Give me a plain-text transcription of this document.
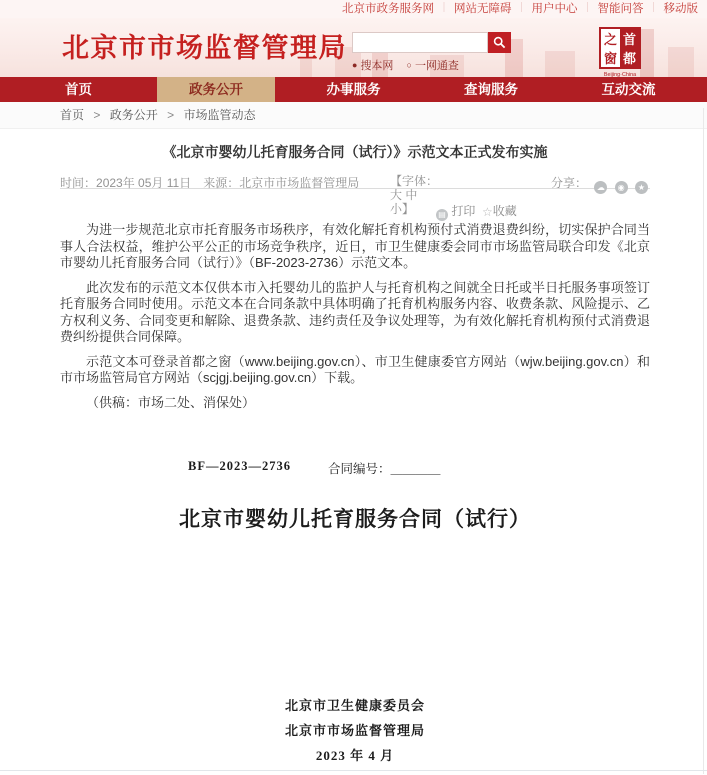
北京市政务服务网 ｜ 网站无障碍 ｜ 用户中心 ｜ 智能问答 ｜ 移动版
北京市市场监督管理局
● 搜本网 ○ 一网通查
之 首
窗 都
Beijing·China
首页	政务公开	办事服务	查询服务	互动交流
首页 > 政务公开 > 市场监管动态
《北京市婴幼儿托育服务合同（试行）》示范文本正式发布实施
时间：2023年 05月 11日　 来源：北京市市场监督管理局	【字体：
大 中
小】	▤ 打印 ☆收藏
分享： ☁ ◉ ★

为进一步规范北京市托育服务市场秩序，有效化解托育机构预付式消费退费纠纷，切实保护合同当事人合法权益，维护公平公正的市场竞争秩序，近日，市卫生健康委会同市市场监管局联合印发《北京市婴幼儿托育服务合同（试行）》（BF-2023-2736）示范文本。

此次发布的示范文本仅供本市入托婴幼儿的监护人与托育机构之间就全日托或半日托服务事项签订托育服务合同时使用。示范文本在合同条款中具体明确了托育机构服务内容、收费条款、风险提示、乙方权利义务、合同变更和解除、退费条款、违约责任及争议处理等，为有效化解托育机构预付式消费退费纠纷提供合同保障。

示范文本可登录首都之窗（www.beijing.gov.cn）、市卫生健康委官方网站（wjw.beijing.gov.cn）和市市场监管局官方网站（scjgj.beijing.gov.cn）下载。

（供稿：市场二处、消保处）

BF—2023—2736	合同编号：＿＿＿＿
北京市婴幼儿托育服务合同（试行）
北京市卫生健康委员会
北京市市场监督管理局
2023 年 4 月
